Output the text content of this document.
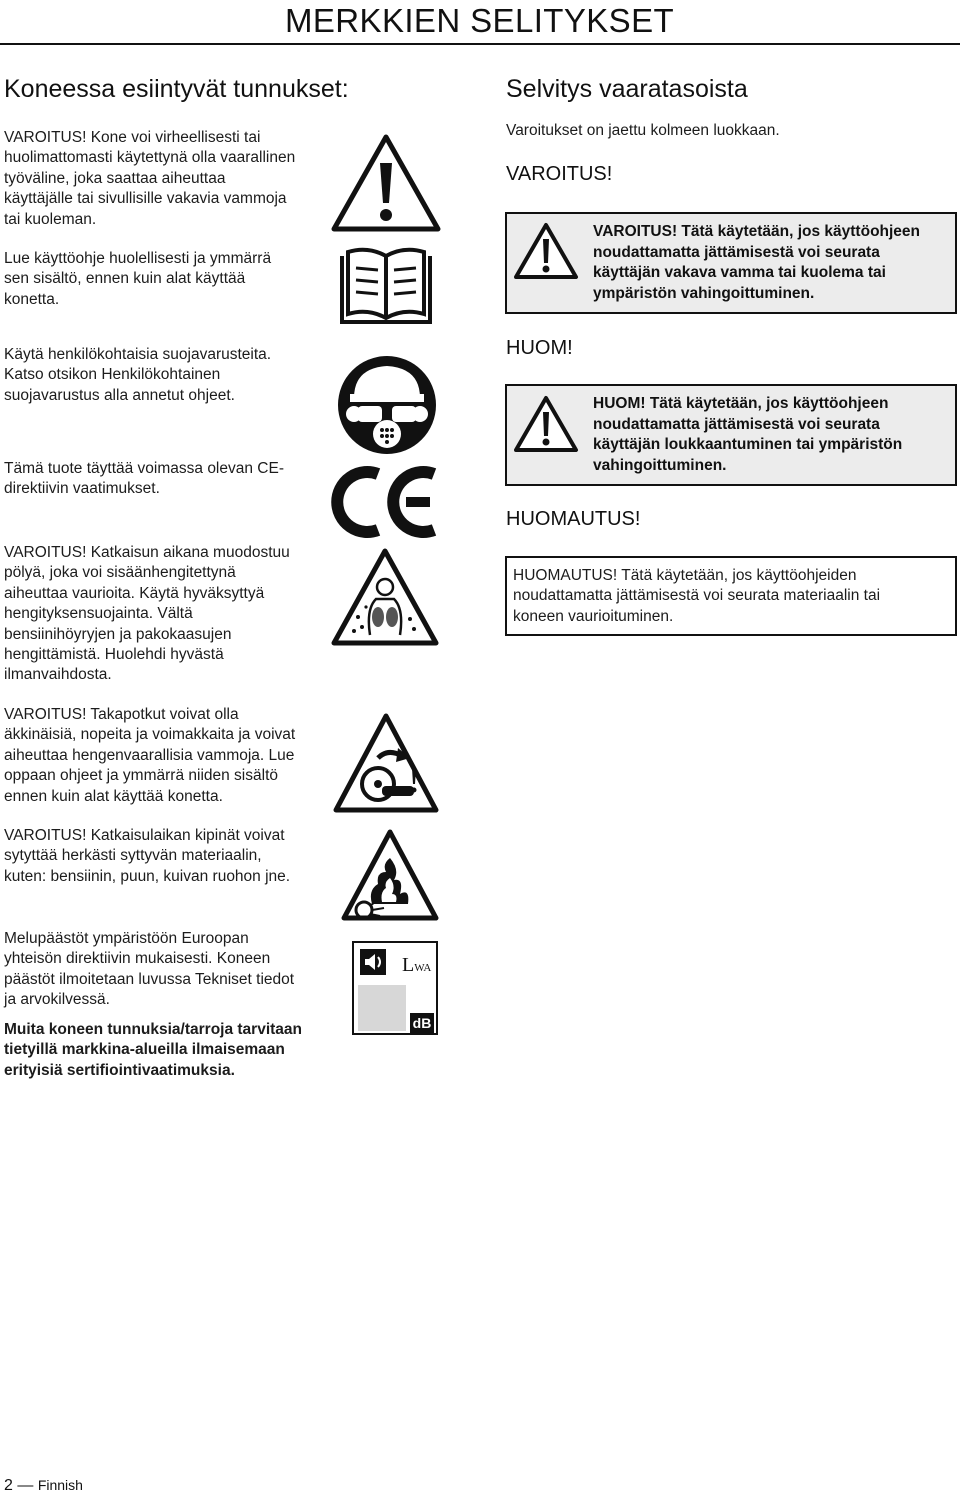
MERKKIEN SELITYKSET
Koneessa esiintyvät tunnukset:

VAROITUS! Kone voi virheellisesti tai
huolimattomasti käytettynä olla vaarallinen
työväline, joka saattaa aiheuttaa
käyttäjälle tai sivullisille vakavia vammoja
tai kuoleman.

Lue käyttöohje huolellisesti ja ymmärrä
sen sisältö, ennen kuin alat käyttää
konetta.

Käytä henkilökohtaisia suojavarusteita.
Katso otsikon Henkilökohtainen
suojavarustus alla annetut ohjeet.

Tämä tuote täyttää voimassa olevan CE-
direktiivin vaatimukset.

VAROITUS! Katkaisun aikana muodostuu
pölyä, joka voi sisäänhengitettynä
aiheuttaa vaurioita. Käytä hyväksyttyä
hengityksensuojainta. Vältä
bensiinihöyryjen ja pakokaasujen
hengittämistä. Huolehdi hyvästä
ilmanvaihdosta.

VAROITUS! Takapotkut voivat olla
äkkinäisiä, nopeita ja voimakkaita ja voivat
aiheuttaa hengenvaarallisia vammoja. Lue
oppaan ohjeet ja ymmärrä niiden sisältö
ennen kuin alat käyttää konetta.

VAROITUS! Katkaisulaikan kipinät voivat
sytyttää herkästi syttyvän materiaalin,
kuten: bensiinin, puun, kuivan ruohon jne.

Melupäästöt ympäristöön Euroopan
yhteisön direktiivin mukaisesti. Koneen
päästöt ilmoitetaan luvussa Tekniset tiedot
ja arvokilvessä.

Muita koneen tunnuksia/tarroja tarvitaan
tietyillä markkina-alueilla ilmaisemaan
erityisiä sertifiointivaatimuksia.

LWA
dB
Selvitys vaaratasoista

Varoitukset on jaettu kolmeen luokkaan.

VAROITUS!

VAROITUS! Tätä käytetään, jos käyttöohjeen
noudattamatta jättämisestä voi seurata
käyttäjän vakava vamma tai kuolema tai
ympäristön vahingoittuminen.

HUOM!

HUOM! Tätä käytetään, jos käyttöohjeen
noudattamatta jättämisestä voi seurata
käyttäjän loukkaantuminen tai ympäristön
vahingoittuminen.

HUOMAUTUS!

HUOMAUTUS! Tätä käytetään, jos käyttöohjeiden
noudattamatta jättämisestä voi seurata materiaalin tai
koneen vaurioituminen.

2 — Finnish
